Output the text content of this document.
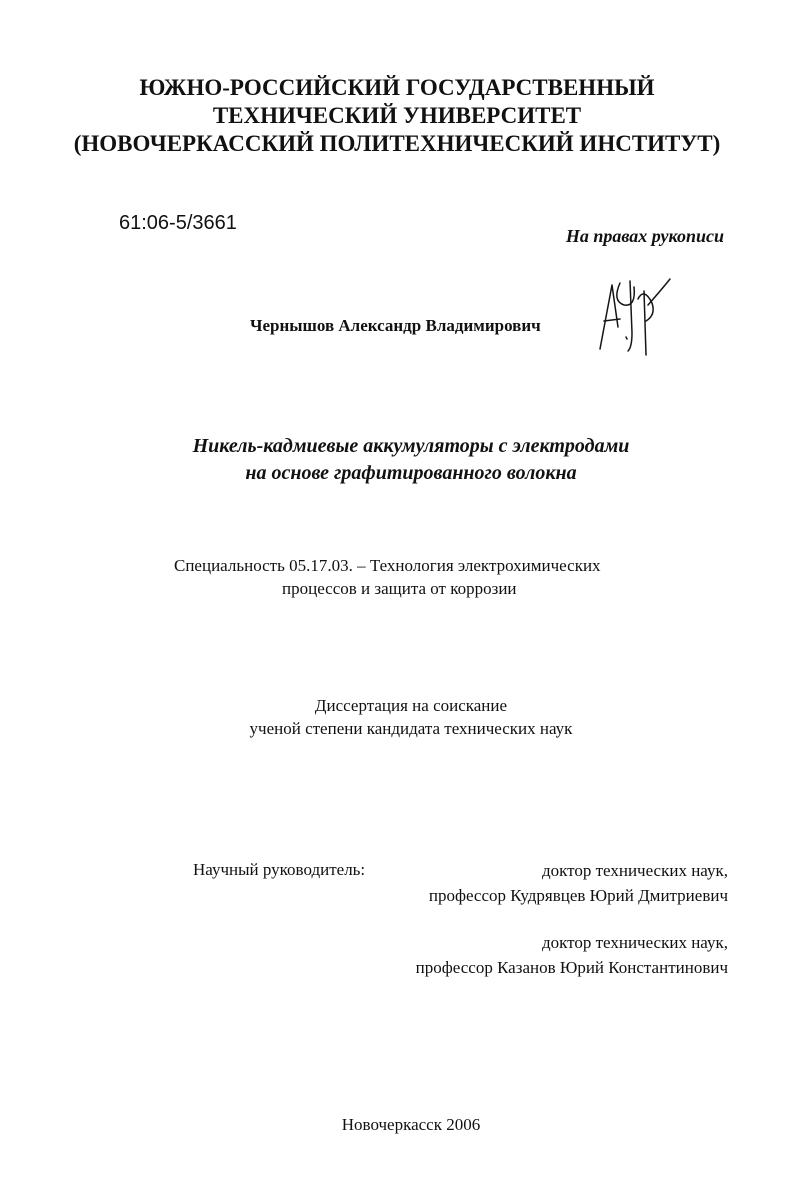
ЮЖНО-РОССИЙСКИЙ ГОСУДАРСТВЕННЫЙ
ТЕХНИЧЕСКИЙ УНИВЕРСИТЕТ
(НОВОЧЕРКАССКИЙ ПОЛИТЕХНИЧЕСКИЙ ИНСТИТУТ)
61:06-5/3661
На правах рукописи
Чернышов Александр Владимирович
Никель-кадмиевые аккумуляторы с электродами
на основе графитированного волокна
Специальность 05.17.03. – Технология электрохимических
процессов и защита от коррозии
Диссертация на соискание
ученой степени кандидата технических наук
Научный руководитель:	доктор технических наук,
профессор Кудрявцев Юрий Дмитриевич
доктор технических наук,
профессор Казанов Юрий Константинович
Новочеркасск 2006
